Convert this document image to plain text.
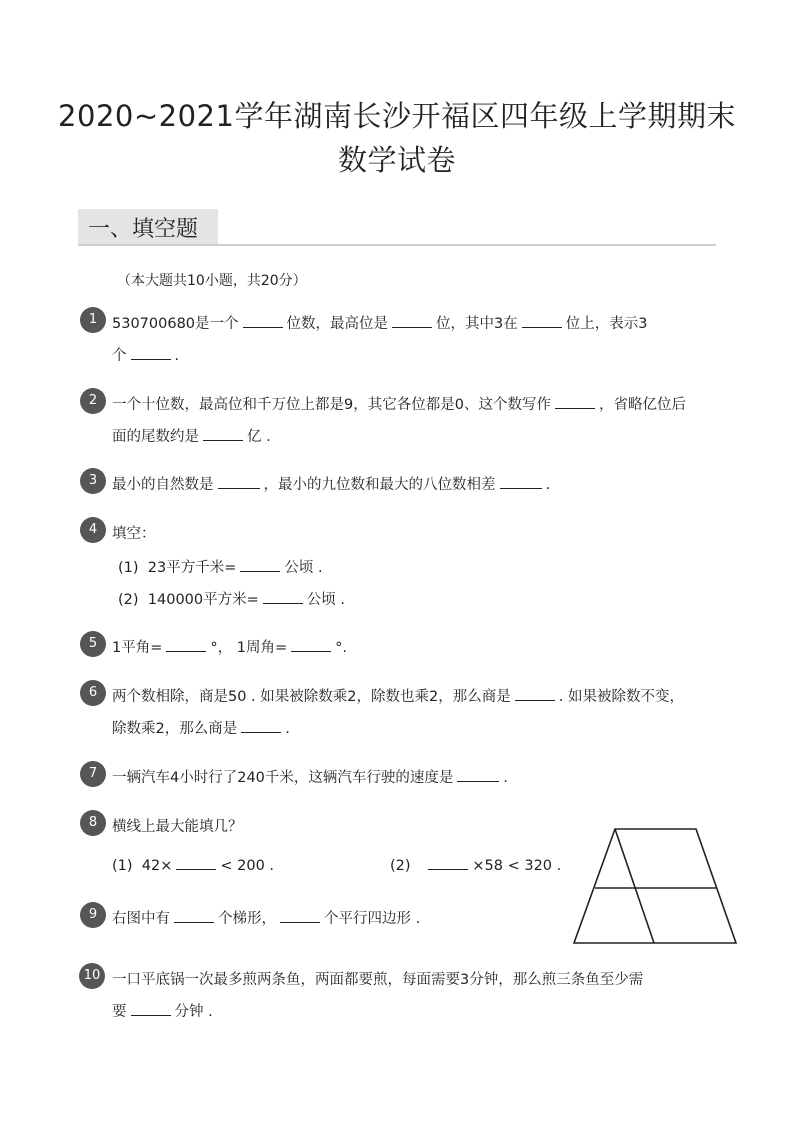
2020~2021学年湖南长沙开福区四年级上学期期末
数学试卷
一、填空题
（本大题共10小题，共20分）
1	530700680是一个	位数，最高位是	位，其中3在	位上，表示3
个	.
2	一个十位数，最高位和千万位上都是9，其它各位都是0、这个数写作	，省略亿位后
面的尾数约是	亿 .
3	最小的自然数是	，最小的九位数和最大的八位数相差	.
4	填空：
(1) 23平方千米=	公顷 .
(2) 140000平方米=	公顷 .
5	1平角=	°， 1周角=	°.
6	两个数相除，商是50 . 如果被除数乘2，除数也乘2，那么商是	. 如果被除数不变，
除数乘2，那么商是	.
7	一辆汽车4小时行了240千米，这辆汽车行驶的速度是	.
8	横线上最大能填几？
(1) 42×	< 200 .	(2)	×58 < 320 .
9	右图中有	个梯形，	个平行四边形 .
10 一口平底锅一次最多煎两条鱼，两面都要煎，每面需要3分钟，那么煎三条鱼至少需
要	分钟 .
